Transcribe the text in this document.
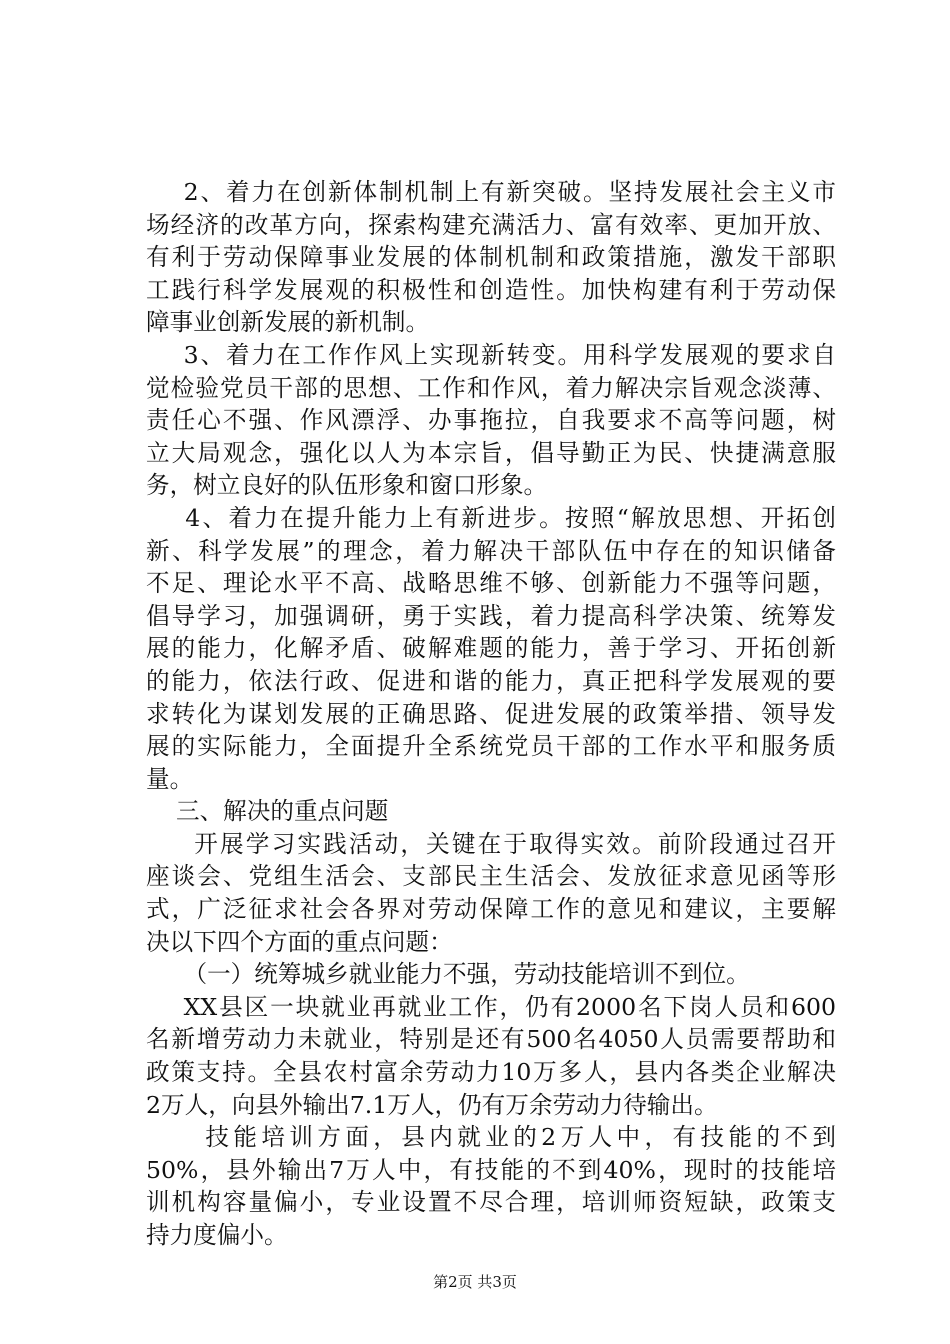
2、着力在创新体制机制上有新突破。坚持发展社会主义市
场经济的改革方向，探索构建充满活力、富有效率、更加开放、
有利于劳动保障事业发展的体制机制和政策措施，激发干部职
工践行科学发展观的积极性和创造性。加快构建有利于劳动保
障事业创新发展的新机制。
3、着力在工作作风上实现新转变。用科学发展观的要求自
觉检验党员干部的思想、工作和作风，着力解决宗旨观念淡薄、
责任心不强、作风漂浮、办事拖拉，自我要求不高等问题，树
立大局观念，强化以人为本宗旨，倡导勤正为民、快捷满意服
务，树立良好的队伍形象和窗口形象。
4、着力在提升能力上有新进步。按照“解放思想、开拓创
新、科学发展”的理念，着力解决干部队伍中存在的知识储备
不足、理论水平不高、战略思维不够、创新能力不强等问题，
倡导学习，加强调研，勇于实践，着力提高科学决策、统筹发
展的能力，化解矛盾、破解难题的能力，善于学习、开拓创新
的能力，依法行政、促进和谐的能力，真正把科学发展观的要
求转化为谋划发展的正确思路、促进发展的政策举措、领导发
展的实际能力，全面提升全系统党员干部的工作水平和服务质
量。
三、解决的重点问题
开展学习实践活动，关键在于取得实效。前阶段通过召开
座谈会、党组生活会、支部民主生活会、发放征求意见函等形
式，广泛征求社会各界对劳动保障工作的意见和建议，主要解
决以下四个方面的重点问题：
（一）统筹城乡就业能力不强，劳动技能培训不到位。
XX县区一块就业再就业工作，仍有2000名下岗人员和600
名新增劳动力未就业，特别是还有500名4050人员需要帮助和
政策支持。全县农村富余劳动力10万多人，县内各类企业解决
2万人，向县外输出7.1万人，仍有万余劳动力待输出。
技能培训方面，县内就业的2万人中，有技能的不到
50%，县外输出7万人中，有技能的不到40%，现时的技能培
训机构容量偏小，专业设置不尽合理，培训师资短缺，政策支
持力度偏小。
第2页 共3页
